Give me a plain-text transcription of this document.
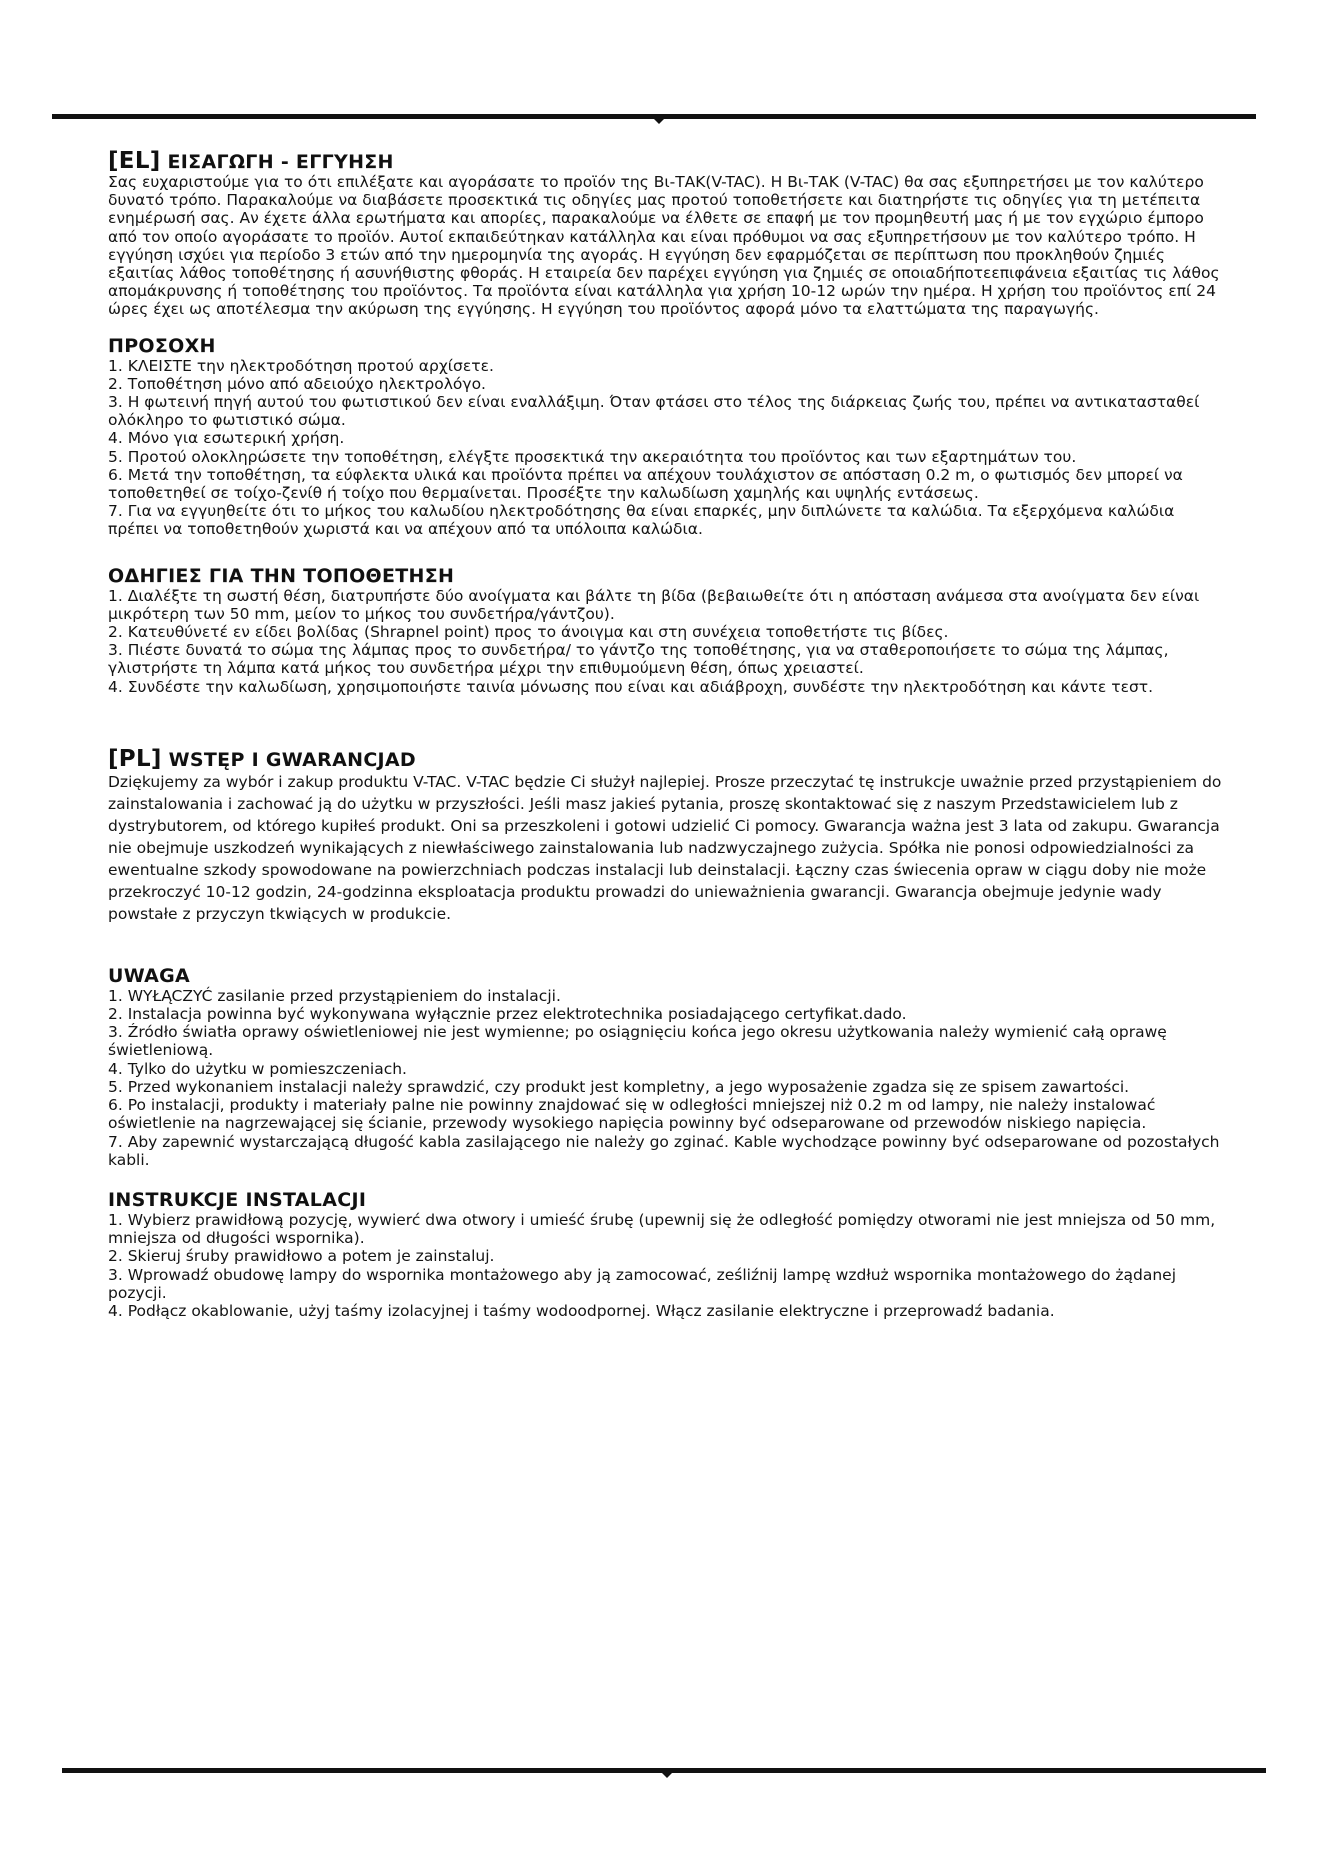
[EL] ΕΙΣΑΓΩΓΗ - ΕΓΓΥΗΣΗ

Σας ευχαριστούμε για το ότι επιλέξατε και αγοράσατε το προϊόν της Βι-ΤΑΚ(V-TAC). Η Βι-ΤΑΚ (V-TAC) θα σας εξυπηρετήσει με τον καλύτερο δυνατό τρόπο. Παρακαλούμε να διαβάσετε προσεκτικά τις οδηγίες μας προτού τοποθετήσετε και διατηρήστε τις οδηγίες για τη μετέπειτα ενημέρωσή σας. Αν έχετε άλλα ερωτήματα και απορίες, παρακαλούμε να έλθετε σε επαφή με τον προμηθευτή μας ή με τον εγχώριο έμπορο από τον οποίο αγοράσατε το προϊόν. Αυτοί εκπαιδεύτηκαν κατάλληλα και είναι πρόθυμοι να σας εξυπηρετήσουν με τον καλύτερο τρόπο. Η εγγύηση ισχύει για περίοδο 3 ετών από την ημερομηνία της αγοράς. Η εγγύηση δεν εφαρμόζεται σε περίπτωση που προκληθούν ζημιές εξαιτίας λάθος τοποθέτησης ή ασυνήθιστης φθοράς. Η εταιρεία δεν παρέχει εγγύηση για ζημιές σε οποιαδήποτεεπιφάνεια εξαιτίας τις λάθος απομάκρυνσης ή τοποθέτησης του προϊόντος. Τα προϊόντα είναι κατάλληλα για χρήση 10-12 ωρών την ημέρα. Η χρήση του προϊόντος επί 24 ώρες έχει ως αποτέλεσμα την ακύρωση της εγγύησης. Η εγγύηση του προϊόντος αφορά μόνο τα ελαττώματα της παραγωγής.

ΠΡΟΣΟΧΗ
1. ΚΛΕΙΣΤΕ την ηλεκτροδότηση προτού αρχίσετε.
2. Τοποθέτηση μόνο από αδειούχο ηλεκτρολόγο.
3. Η φωτεινή πηγή αυτού του φωτιστικού δεν είναι εναλλάξιμη. Όταν φτάσει στο τέλος της διάρκειας ζωής του, πρέπει να αντικατασταθεί ολόκληρο το φωτιστικό σώμα.
4. Μόνο για εσωτερική χρήση.
5. Προτού ολοκληρώσετε την τοποθέτηση, ελέγξτε προσεκτικά την ακεραιότητα του προϊόντος και των εξαρτημάτων του.
6. Μετά την τοποθέτηση, τα εύφλεκτα υλικά και προϊόντα πρέπει να απέχουν τουλάχιστον σε απόσταση 0.2 m, ο φωτισμός δεν μπορεί να τοποθετηθεί σε τοίχο-ζενίθ ή τοίχο που θερμαίνεται. Προσέξτε την καλωδίωση χαμηλής και υψηλής εντάσεως.
7. Για να εγγυηθείτε ότι το μήκος του καλωδίου ηλεκτροδότησης θα είναι επαρκές, μην διπλώνετε τα καλώδια. Τα εξερχόμενα καλώδια πρέπει να τοποθετηθούν χωριστά και να απέχουν από τα υπόλοιπα καλώδια.
ΟΔΗΓΙΕΣ ΓΙΑ ΤΗΝ ΤΟΠΟΘΕΤΗΣΗ
1. Διαλέξτε τη σωστή θέση, διατρυπήστε δύο ανοίγματα και βάλτε τη βίδα (βεβαιωθείτε ότι η απόσταση ανάμεσα στα ανοίγματα δεν είναι μικρότερη των 50 mm, μείον το μήκος του συνδετήρα/γάντζου).
2. Κατευθύνετέ εν είδει βολίδας (Shrapnel point) προς το άνοιγμα και στη συνέχεια τοποθετήστε τις βίδες.
3. Πιέστε δυνατά το σώμα της λάμπας προς το συνδετήρα/ το γάντζο της τοποθέτησης, για να σταθεροποιήσετε το σώμα της λάμπας, γλιστρήστε τη λάμπα κατά μήκος του συνδετήρα μέχρι την επιθυμούμενη θέση, όπως χρειαστεί.
4. Συνδέστε την καλωδίωση, χρησιμοποιήστε ταινία μόνωσης που είναι και αδιάβροχη, συνδέστε την ηλεκτροδότηση και κάντε τεστ.
[PL] WSTĘP I GWARANCJAD

Dziękujemy za wybór i zakup produktu V-TAC. V-TAC będzie Ci służył najlepiej. Prosze przeczytać tę instrukcje uważnie przed przystąpieniem do zainstalowania i zachować ją do użytku w przyszłości. Jeśli masz jakieś pytania, proszę skontaktować się z naszym Przedstawicielem lub z dystrybutorem, od którego kupiłeś produkt. Oni sa przeszkoleni i gotowi udzielić Ci pomocy. Gwarancja ważna jest 3 lata od zakupu. Gwarancja nie obejmuje uszkodzeń wynikających z niewłaściwego zainstalowania lub nadzwyczajnego zużycia. Spółka nie ponosi odpowiedzialności za ewentualne szkody spowodowane na powierzchniach podczas instalacji lub deinstalacji. Łączny czas świecenia opraw w ciągu doby nie może przekroczyć 10-12 godzin, 24-godzinna eksploatacja produktu prowadzi do unieważnienia gwarancji. Gwarancja obejmuje jedynie wady powstałe z przyczyn tkwiących w produkcie.

UWAGA
1. WYŁĄCZYĆ zasilanie przed przystąpieniem do instalacji.
2. Instalacja powinna być wykonywana wyłącznie przez elektrotechnika posiadającego certyfikat.dado.
3. Źródło światła oprawy oświetleniowej nie jest wymienne; po osiągnięciu końca jego okresu użytkowania należy wymienić całą oprawę świetleniową.
4. Tylko do użytku w pomieszczeniach.
5. Przed wykonaniem instalacji należy sprawdzić, czy produkt jest kompletny, a jego wyposażenie zgadza się ze spisem zawartości.
6. Po instalacji, produkty i materiały palne nie powinny znajdować się w odległości mniejszej niż 0.2 m od lampy, nie należy instalować oświetlenie na nagrzewającej się ścianie, przewody wysokiego napięcia powinny być odseparowane od przewodów niskiego napięcia.
7. Aby zapewnić wystarczającą długość kabla zasilającego nie należy go zginać. Kable wychodzące powinny być odseparowane od pozostałych kabli.
INSTRUKCJE INSTALACJI
1. Wybierz prawidłową pozycję, wywierć dwa otwory i umieść śrubę (upewnij się że odległość pomiędzy otworami nie jest mniejsza od 50 mm, mniejsza od długości wspornika).
2. Skieruj śruby prawidłowo a potem je zainstaluj.
3. Wprowadź obudowę lampy do wspornika montażowego aby ją zamocować, ześliźnij lampę wzdłuż wspornika montażowego do żądanej pozycji.
4. Podłącz okablowanie, użyj taśmy izolacyjnej i taśmy wodoodpornej. Włącz zasilanie elektryczne i przeprowadź badania.
